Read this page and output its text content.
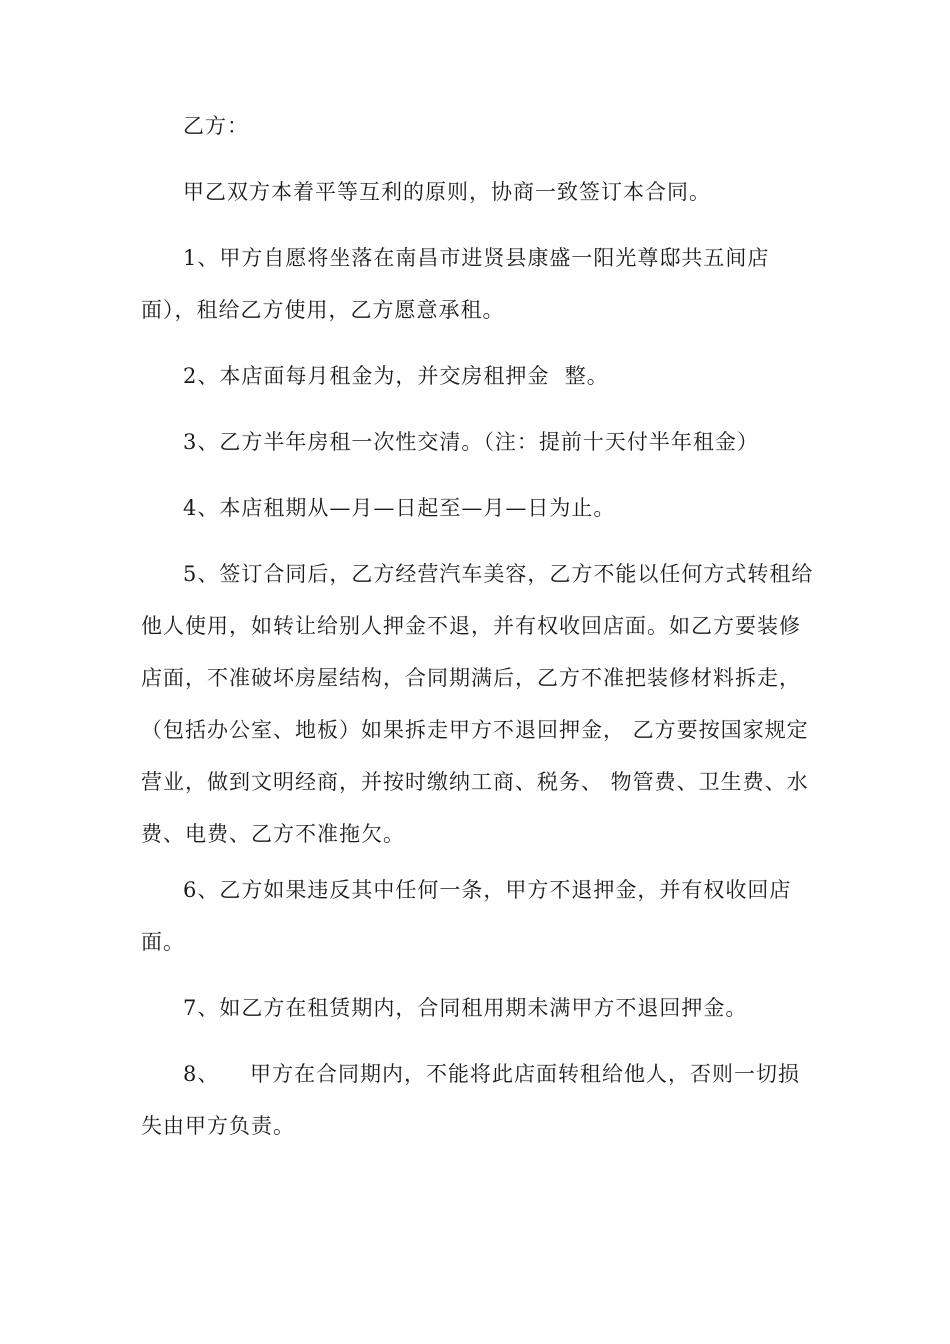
乙方：

甲乙双方本着平等互利的原则，协商一致签订本合同。

1、甲方自愿将坐落在南昌市进贤县康盛一阳光尊邸共五间店面），租给乙方使用，乙方愿意承租。

2、本店面每月租金为，并交房租押金  整。

3、乙方半年房租一次性交清。（注：提前十天付半年租金）

4、本店租期从—月—日起至—月—日为止。

5、签订合同后，乙方经营汽车美容，乙方不能以任何方式转租给他人使用，如转让给别人押金不退，并有权收回店面。如乙方要装修店面，不准破坏房屋结构，合同期满后，乙方不准把装修材料拆走，（包括办公室、地板）如果拆走甲方不退回押金， 乙方要按国家规定营业，做到文明经商，并按时缴纳工商、税务、 物管费、卫生费、水费、电费、乙方不准拖欠。

6、乙方如果违反其中任何一条，甲方不退押金，并有权收回店面。

7、如乙方在租赁期内，合同租用期未满甲方不退回押金。

8、    甲方在合同期内，不能将此店面转租给他人，否则一切损失由甲方负责。
